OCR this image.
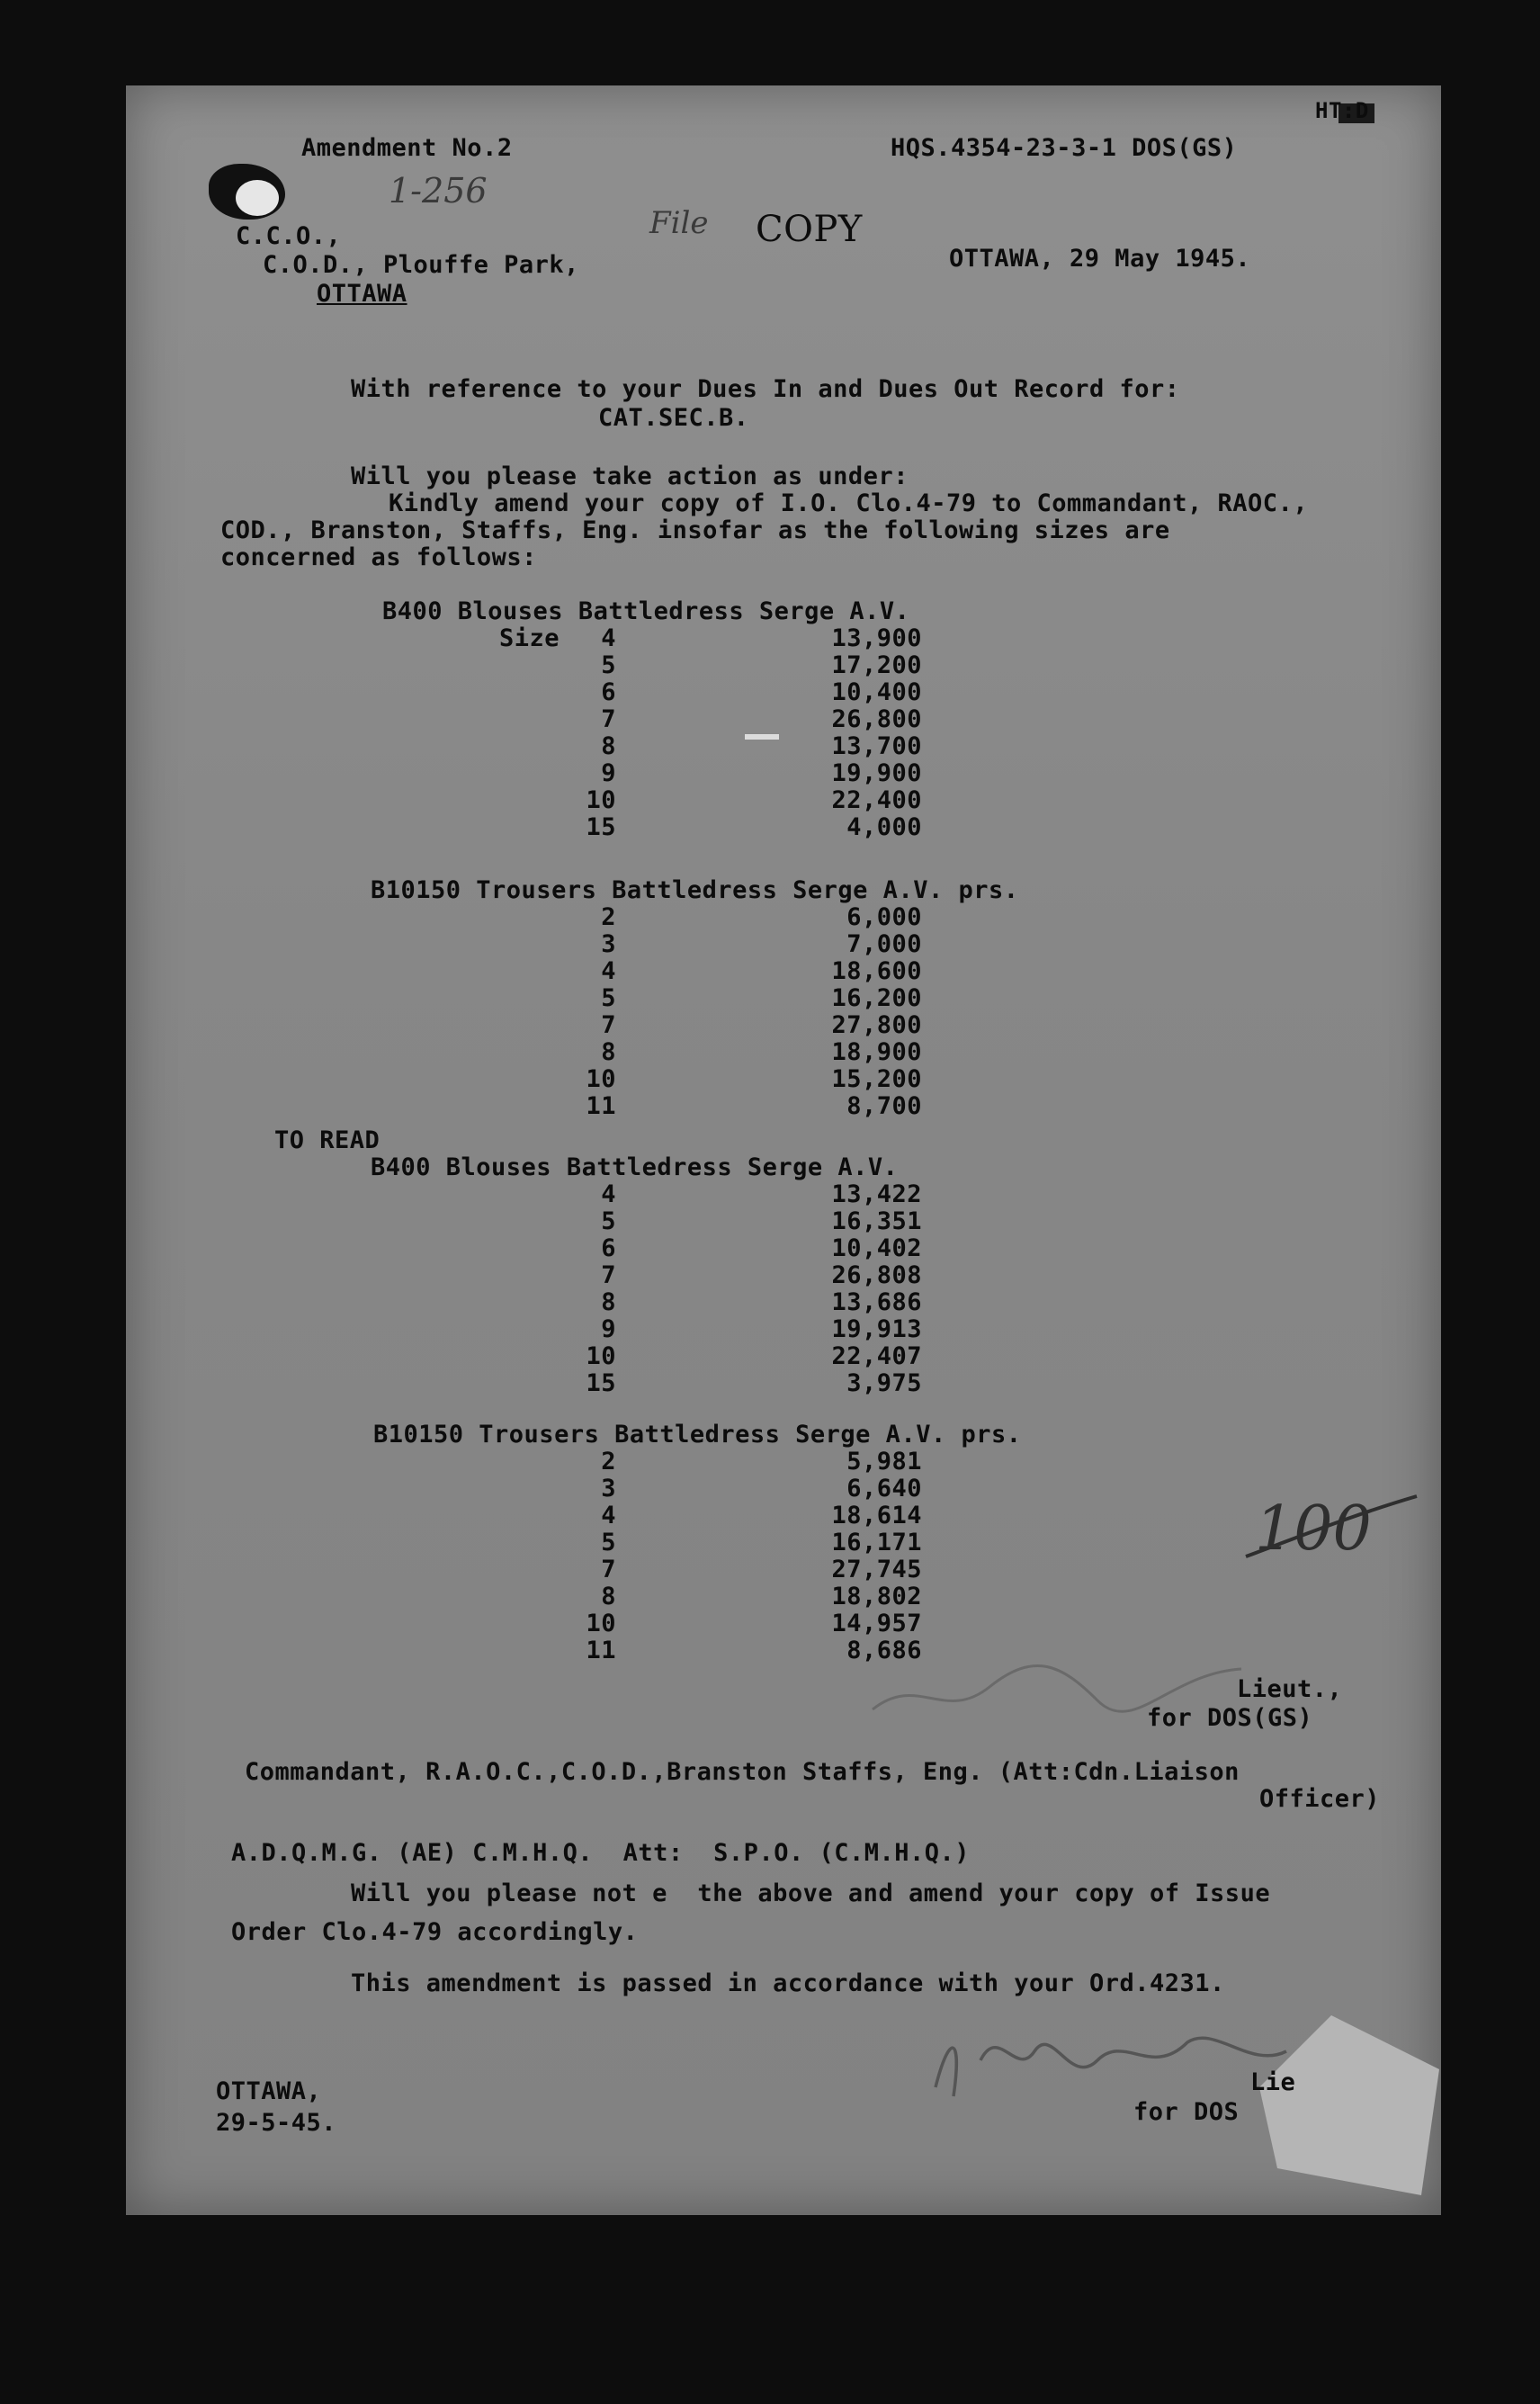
Amendment No.2	HQS.4354-23-3-1 DOS(GS)
HT:D
1-256
File COPY
OTTAWA, 29 May 1945.
C.C.O.,
C.O.D., Plouffe Park,
OTTAWA
With reference to your Dues In and Dues Out Record for:
CAT.SEC.B.
Will you please take action as under:
Kindly amend your copy of I.O. Clo.4-79 to Commandant, RAOC.,
COD., Branston, Staffs, Eng. insofar as the following sizes are
concerned as follows:
B400 Blouses Battledress Serge A.V.
Size	4	13,900
5	17,200
6	10,400
7	26,800
8	13,700
9	19,900
10	22,400
15	4,000
B10150 Trousers Battledress Serge A.V. prs.
2	6,000
3	7,000
4	18,600
5	16,200
7	27,800
8	18,900
10	15,200
11	8,700
TO READ
B400 Blouses Battledress Serge A.V.
4	13,422
5	16,351
6	10,402
7	26,808
8	13,686
9	19,913
10	22,407
15	3,975
B10150 Trousers Battledress Serge A.V. prs.
2	5,981
3	6,640
4	18,614
5	16,171
7	27,745
8	18,802
10	14,957
11	8,686
100
Lieut.,
for DOS(GS)
Commandant, R.A.O.C.,C.O.D.,Branston Staffs, Eng. (Att:Cdn.Liaison
Officer)
A.D.Q.M.G. (AE) C.M.H.Q.  Att:  S.P.O. (C.M.H.Q.)
Will you please not e  the above and amend your copy of Issue
Order Clo.4-79 accordingly.
This amendment is passed in accordance with your Ord.4231.
OTTAWA,
29-5-45.
Lie
for DOS
